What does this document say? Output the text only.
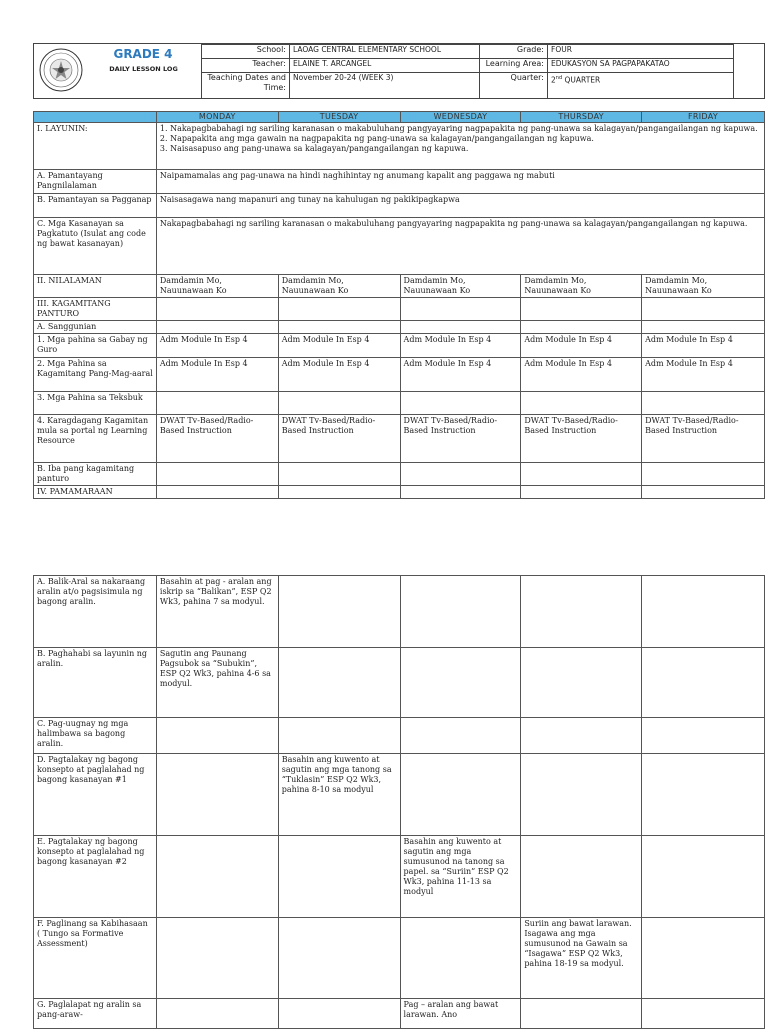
GRADE 4
DAILY LESSON LOG
School:	LAOAG CENTRAL ELEMENTARY SCHOOL	Grade:	FOUR
Teacher:	ELAINE T. ARCANGEL	Learning Area:	EDUKASYON SA PAGPAPAKATAO
Teaching Dates and
Time:	November 20-24 (WEEK 3)	Quarter:	2nd QUARTER
	MONDAY	TUESDAY	WEDNESDAY	THURSDAY	FRIDAY
I. LAYUNIN:	1. Nakapagbabahagi ng sariling karanasan o makabuluhang pangyayaring nagpapakita ng pang-unawa sa kalagayan/pangangailangan ng kapuwa.
2. Napapakita ang mga gawain na nagpapakita ng pang-unawa sa kalagayan/pangangailangan ng kapuwa.
3. Naisasapuso ang pang-unawa sa kalagayan/pangangailangan ng kapuwa.				

A. Pamantayang Pangnilalaman	Naipamamalas ang pag-unawa na hindi naghihintay ng anumang kapalit ang paggawa ng mabuti				
B. Pamantayan sa Pagganap	Naisasagawa nang mapanuri ang tunay na kahulugan ng pakikipagkapwa				
C. Mga Kasanayan sa Pagkatuto (Isulat ang code ng bawat kasanayan)	Nakapagbabahagi ng sariling karanasan o makabuluhang pangyayaring nagpapakita ng pang-unawa sa kalagayan/pangangailangan ng kapuwa.				
II. NILALAMAN	Damdamin Mo, Nauunawaan Ko	Damdamin Mo, Nauunawaan Ko	Damdamin Mo, Nauunawaan Ko	Damdamin Mo, Nauunawaan Ko	Damdamin Mo, Nauunawaan Ko
III. KAGAMITANG PANTURO					
A. Sanggunian					
1. Mga pahina sa Gabay ng Guro	Adm Module In Esp 4	Adm Module In Esp 4	Adm Module In Esp 4	Adm Module In Esp 4	Adm Module In Esp 4
2. Mga Pahina sa Kagamitang Pang-Mag-aaral	Adm Module In Esp 4	Adm Module In Esp 4	Adm Module In Esp 4	Adm Module In Esp 4	Adm Module In Esp 4
3. Mga Pahina sa Teksbuk					
4. Karagdagang Kagamitan mula sa portal ng Learning Resource	DWAT Tv-Based/Radio-Based Instruction	DWAT Tv-Based/Radio-Based Instruction	DWAT Tv-Based/Radio-Based Instruction	DWAT Tv-Based/Radio-Based Instruction	DWAT Tv-Based/Radio-Based Instruction
B. Iba pang kagamitang panturo					
IV. PAMAMARAAN					
A. Balik-Aral sa nakaraang aralin at/o pagsisimula ng bagong aralin.	Basahin at pag - aralan ang iskrip sa “Balikan”, ESP Q2 Wk3, pahina 7 sa modyul.				
B. Paghahabi sa layunin ng aralin.	Sagutin ang Paunang Pagsubok sa “Subukin”, ESP Q2 Wk3, pahina 4-6 sa modyul.				
C. Pag-uugnay ng mga halimbawa sa bagong aralin.					
D. Pagtalakay ng bagong konsepto at paglalahad ng bagong kasanayan #1		Basahin ang kuwento at sagutin ang mga tanong sa “Tuklasin” ESP Q2 Wk3, pahina 8-10 sa modyul			
E. Pagtalakay ng bagong konsepto at paglalahad ng bagong kasanayan #2			Basahin ang kuwento at sagutin ang mga sumusunod na tanong sa papel. sa “Suriin” ESP Q2 Wk3, pahina 11-13 sa modyul		
F. Paglinang sa Kabihasaan ( Tungo sa Formative Assessment)				Suriin ang bawat larawan. Isagawa ang mga sumusunod na Gawain sa “Isagawa” ESP Q2 Wk3, pahina 18-19 sa modyul.	
G. Paglalapat ng aralin sa pang-araw-			Pag – aralan ang bawat larawan. Ano		
